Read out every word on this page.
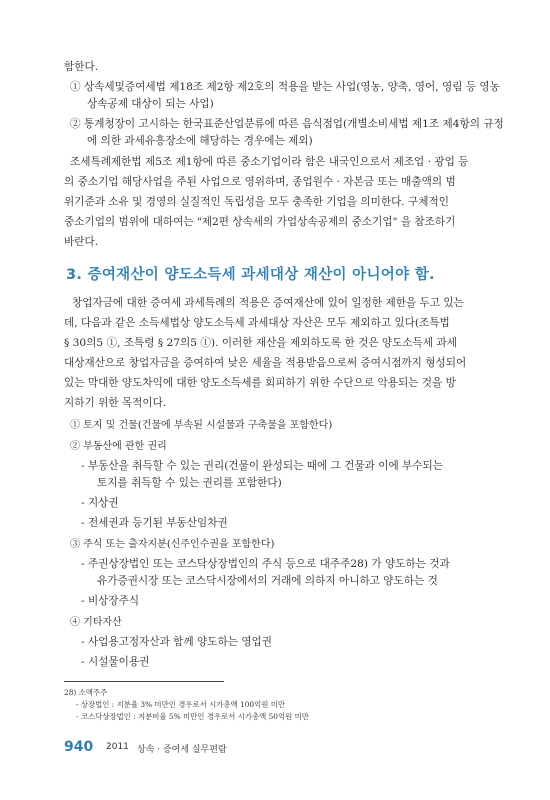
함한다.
① 상속세및증여세법 제18조 제2항 제2호의 적용을 받는 사업(영농, 양축, 영어, 영림 등 영농
상속공제 대상이 되는 사업)
② 통계청장이 고시하는 한국표준산업분류에 따른 음식점업(개별소비세법 제1조 제4항의 규정
에 의한 과세유흥장소에 해당하는 경우에는 제외)
조세특례제한법 제5조 제1항에 따른 중소기업이라 함은 내국인으로서 제조업 · 광업 등
의 중소기업 해당사업을 주된 사업으로 영위하며, 종업원수 · 자본금 또는 매출액의 범
위기준과 소유 및 경영의 실질적인 독립성을 모두 충족한 기업을 의미한다. 구체적인
중소기업의 범위에 대하여는 "제2편 상속세의 가업상속공제의 중소기업" 을 참조하기
바란다.
3. 증여재산이 양도소득세 과세대상 재산이 아니어야 함.
창업자금에 대한 증여세 과세특례의 적용은 증여재산에 있어 일정한 제한을 두고 있는
데, 다음과 같은 소득세법상 양도소득세 과세대상 자산은 모두 제외하고 있다(조특법
§ 30의5 ①, 조특령 § 27의5 ①). 이러한 재산을 제외하도록 한 것은 양도소득세 과세
대상재산으로 창업자금을 증여하여 낮은 세율을 적용받음으로써 증여시점까지 형성되어
있는 막대한 양도차익에 대한 양도소득세를 회피하기 위한 수단으로 악용되는 것을 방
지하기 위한 목적이다.
① 토지 및 건물(건물에 부속된 시설물과 구축물을 포함한다)
② 부동산에 관한 권리
- 부동산을 취득할 수 있는 권리(건물이 완성되는 때에 그 건물과 이에 부수되는
토지를 취득할 수 있는 권리를 포함한다)
- 지상권
- 전세권과 등기된 부동산임차권
③ 주식 또는 출자지분(신주인수권을 포함한다)
- 주권상장법인 또는 코스닥상장법인의 주식 등으로 대주주28) 가 양도하는 것과
유가증권시장 또는 코스닥시장에서의 거래에 의하지 아니하고 양도하는 것
- 비상장주식
④ 기타자산
- 사업용고정자산과 함께 양도하는 영업권
- 시설물이용권
28) 소액주주
- 상장법인 : 지분율 3% 미만인 경우로서 시가총액 100억원 미만
- 코스닥상장법인 : 지분비율 5% 미만인 경우로서 시가총액 50억원 미만
940 2011 상속 · 증여세 실무편람
